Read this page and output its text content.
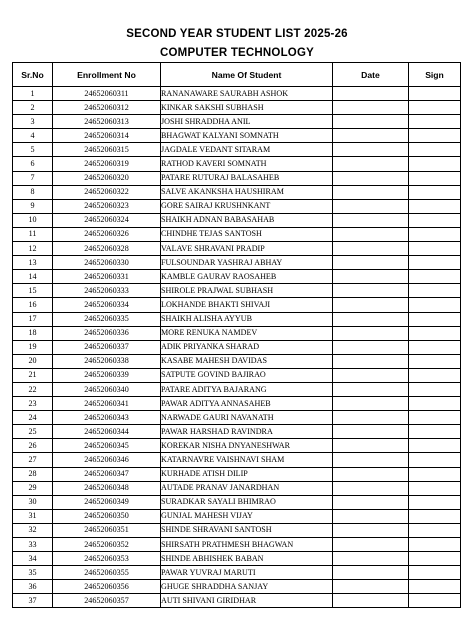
SECOND YEAR STUDENT LIST 2025-26
COMPUTER TECHNOLOGY
Sr.No	Enrollment No	Name Of Student	Date	Sign
1	24652060311	RANANAWARE SAURABH ASHOK		
2	24652060312	KINKAR SAKSHI SUBHASH		
3	24652060313	JOSHI SHRADDHA ANIL		
4	24652060314	BHAGWAT KALYANI SOMNATH		
5	24652060315	JAGDALE VEDANT SITARAM		
6	24652060319	RATHOD KAVERI SOMNATH		
7	24652060320	PATARE RUTURAJ BALASAHEB		
8	24652060322	SALVE AKANKSHA HAUSHIRAM		
9	24652060323	GORE SAIRAJ KRUSHNKANT		
10	24652060324	SHAIKH ADNAN BABASAHAB		
11	24652060326	CHINDHE TEJAS SANTOSH		
12	24652060328	VALAVE SHRAVANI PRADIP		
13	24652060330	FULSOUNDAR YASHRAJ ABHAY		
14	24652060331	KAMBLE GAURAV RAOSAHEB		
15	24652060333	SHIROLE PRAJWAL SUBHASH		
16	24652060334	LOKHANDE BHAKTI SHIVAJI		
17	24652060335	SHAIKH ALISHA AYYUB		
18	24652060336	MORE RENUKA NAMDEV		
19	24652060337	ADIK PRIYANKA SHARAD		
20	24652060338	KASABE MAHESH DAVIDAS		
21	24652060339	SATPUTE GOVIND BAJIRAO		
22	24652060340	PATARE ADITYA BAJARANG		
23	24652060341	PAWAR ADITYA ANNASAHEB		
24	24652060343	NARWADE GAURI NAVANATH		
25	24652060344	PAWAR HARSHAD RAVINDRA		
26	24652060345	KOREKAR NISHA DNYANESHWAR		
27	24652060346	KATARNAVRE VAISHNAVI SHAM		
28	24652060347	KURHADE ATISH DILIP		
29	24652060348	AUTADE PRANAV JANARDHAN		
30	24652060349	SURADKAR SAYALI BHIMRAO		
31	24652060350	GUNJAL MAHESH VIJAY		
32	24652060351	SHINDE SHRAVANI SANTOSH		
33	24652060352	SHIRSATH PRATHMESH BHAGWAN		
34	24652060353	SHINDE ABHISHEK BABAN		
35	24652060355	PAWAR YUVRAJ MARUTI		
36	24652060356	GHUGE SHRADDHA SANJAY		
37	24652060357	AUTI SHIVANI GIRIDHAR		
